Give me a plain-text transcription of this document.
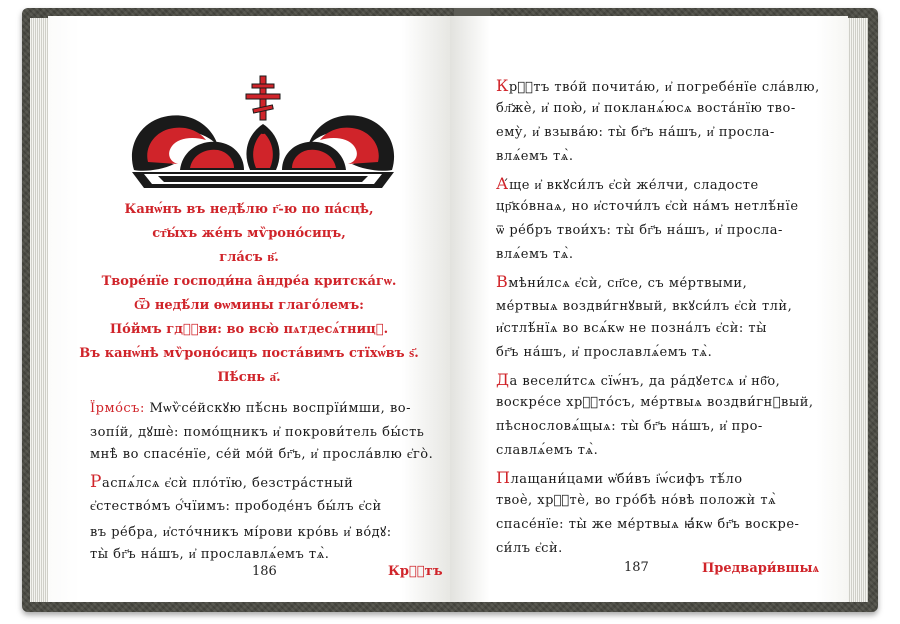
Канѡ́нъ въ недѣ́лю г҃-ю по па́сцѣ,
ст҃ы́хъ же́нъ мѷроно́сицъ,
гла́съ в҃.
Творе́нїе господи́на а̑ндре́а критска́гѡ.
Ѿ недѣ́ли ѳѡмины глаго́лемъ:
По́ймъ гдⷭ҇ви: во всю̀ пѧтдесѧ́тницꙋ.
Въ канѡ́нѣ мѷроно́сицъ поста́вимъ стїхѡ́въ ѕ҃.
Пѣ́снь а҃.
Їрмо́съ: Мѡѷсе́йскꙋю пѣ́снь воспрїи́мши, во-
зопі́й, дꙋшѐ: помо́щникъ и҆ покрови́тель бы́сть
мнѣ̀ во спасе́нїе, се́й мо́й бг҃ъ, и҆ просла́влю є҆го̀.
Распѧ́лсѧ є҆сѝ пло́тїю, безстра́стный
є҆стество́мъ ѻ҆́чїимъ: прободе́нъ бы́лъ є҆сѝ
въ ре́бра, и҆сто́чникъ мі́рови кро́вь и҆ во́дꙋ:
ты̀ бг҃ъ на́шъ, и҆ прославлѧ́емъ тѧ̀.
186	Крⷭ҇тъ
Крⷭ҇тъ тво́й почита́ю, и҆ погребе́нїе сла́влю,
бл҃жѐ, и҆ пою̀, и҆ покланѧ́юсѧ воста́нїю тво-
ему̀, и҆ взыва́ю: ты̀ бг҃ъ на́шъ, и҆ просла-
влѧ́емъ тѧ̀.
А́ще и҆ вкꙋси́лъ є҆сѝ же́лчи, сладосте
цр҃ко́внаѧ, но и҆сточи́лъ є҆сѝ на́мъ нетлѣ́нїе
ѿ ре́бръ твои́хъ: ты̀ бг҃ъ на́шъ, и҆ просла-
влѧ́емъ тѧ̀.
Вмѣни́лсѧ є҆сѝ, сп҃се, съ ме́ртвыми,
ме́ртвыѧ воздви́гнꙋвый, вкꙋси́лъ є҆сѝ тлѝ,
и҆стлѣ́нїѧ во всѧ́кѡ не позна́лъ є҆сѝ: ты̀
бг҃ъ на́шъ, и҆ прославлѧ́емъ тѧ̀.
Да весели́тсѧ сїѡ́нъ, да ра́дꙋетсѧ и҆ нб҃о,
воскре́се хрⷭ҇то́съ, ме́ртвыѧ воздви́гнꙋвый,
пѣснословѧ́щыѧ: ты̀ бг҃ъ на́шъ, и҆ про-
славлѧ́емъ тѧ̀.
Плащани́цами ѡ҆би́въ і҆ѡ́сифъ тѣ́ло
твоѐ, хрⷭ҇тѐ, во гро́бѣ но́вѣ положѝ тѧ̀
спасе́нїе: ты̀ же ме́ртвыѧ ꙗ҆́кѡ бг҃ъ воскре-
си́лъ є҆сѝ.
187	Предвари́вшыѧ
